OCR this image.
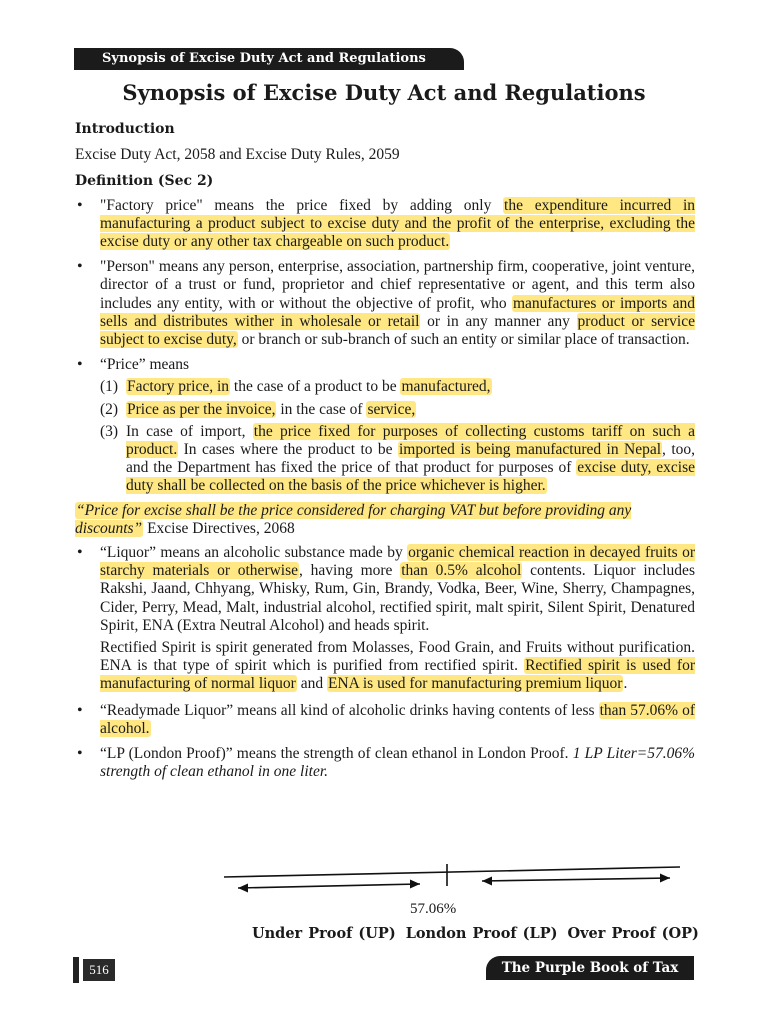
Synopsis of Excise Duty Act and Regulations
Synopsis of Excise Duty Act and Regulations

Introduction

Excise Duty Act, 2058 and Excise Duty Rules, 2059

Definition (Sec 2)

• "Factory price" means the price fixed by adding only the expenditure incurred in manufacturing a product subject to excise duty and the profit of the enterprise, excluding the excise duty or any other tax chargeable on such product.
• "Person" means any person, enterprise, association, partnership firm, cooperative, joint venture, director of a trust or fund, proprietor and chief representative or agent, and this term also includes any entity, with or without the objective of profit, who manufactures or imports and sells and distributes wither in wholesale or retail or in any manner any product or service subject to excise duty, or branch or sub-branch of such an entity or similar place of transaction.
• “Price” means
(1) Factory price, in the case of a product to be manufactured,
(2) Price as per the invoice, in the case of service,
(3) In case of import, the price fixed for purposes of collecting customs tariff on such a product. In cases where the product to be imported is being manufactured in Nepal, too, and the Department has fixed the price of that product for purposes of excise duty, excise duty shall be collected on the basis of the price whichever is higher.

“Price for excise shall be the price considered for charging VAT but before providing any discounts” Excise Directives, 2068

• “Liquor” means an alcoholic substance made by organic chemical reaction in decayed fruits or starchy materials or otherwise, having more than 0.5% alcohol contents. Liquor includes Rakshi, Jaand, Chhyang, Whisky, Rum, Gin, Brandy, Vodka, Beer, Wine, Sherry, Champagnes, Cider, Perry, Mead, Malt, industrial alcohol, rectified spirit, malt spirit, Silent Spirit, Denatured Spirit, ENA (Extra Neutral Alcohol) and heads spirit.

Rectified Spirit is spirit generated from Molasses, Food Grain, and Fruits without purification. ENA is that type of spirit which is purified from rectified spirit. Rectified spirit is used for manufacturing of normal liquor and ENA is used for manufacturing premium liquor.

• “Readymade Liquor” means all kind of alcoholic drinks having contents of less than 57.06% of alcohol.
• “LP (London Proof)” means the strength of clean ethanol in London Proof. 1 LP Liter=57.06% strength of clean ethanol in one liter.
57.06%
Under Proof (UP) London Proof (LP) Over Proof (OP)
516	The Purple Book of Tax
